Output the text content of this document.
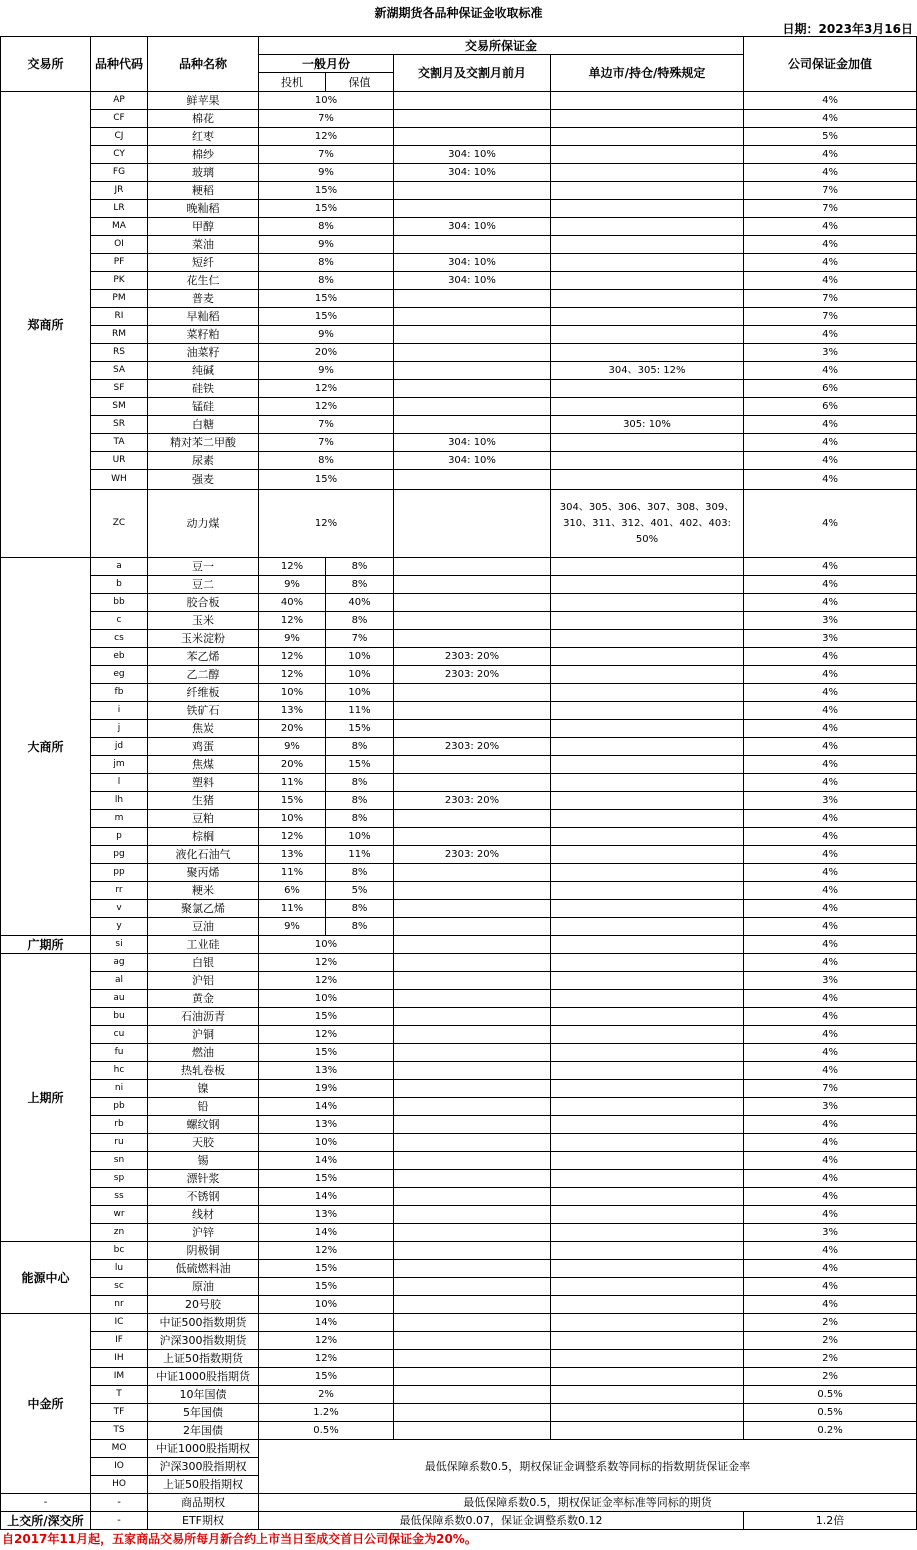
新湖期货各品种保证金收取标准
日期：2023年3月16日
交易所	品种代码	品种名称	交易所保证金				公司保证金加值
			一般月份		交割月及交割月前月	单边市/持仓/特殊规定	
			投机	保值			
郑商所	AP	鲜苹果	10%				4%
	CF	棉花	7%				4%
	CJ	红枣	12%				5%
	CY	棉纱	7%		304: 10%		4%
	FG	玻璃	9%		304: 10%		4%
	JR	粳稻	15%				7%
	LR	晚籼稻	15%				7%
	MA	甲醇	8%		304: 10%		4%
	OI	菜油	9%				4%
	PF	短纤	8%		304: 10%		4%
	PK	花生仁	8%		304: 10%		4%
	PM	普麦	15%				7%
	RI	早籼稻	15%				7%
	RM	菜籽粕	9%				4%
	RS	油菜籽	20%				3%
	SA	纯碱	9%			304、305: 12%	4%
	SF	硅铁	12%				6%
	SM	锰硅	12%				6%
	SR	白糖	7%			305: 10%	4%
	TA	精对苯二甲酸	7%		304: 10%		4%
	UR	尿素	8%		304: 10%		4%
	WH	强麦	15%				4%
	ZC	动力煤	12%			304、305、306、307、308、309、310、311、312、401、402、403: 50%	4%
大商所	a	豆一	12%	8%			4%
	b	豆二	9%	8%			4%
	bb	胶合板	40%	40%			4%
	c	玉米	12%	8%			3%
	cs	玉米淀粉	9%	7%			3%
	eb	苯乙烯	12%	10%	2303: 20%		4%
	eg	乙二醇	12%	10%	2303: 20%		4%
	fb	纤维板	10%	10%			4%
	i	铁矿石	13%	11%			4%
	j	焦炭	20%	15%			4%
	jd	鸡蛋	9%	8%	2303: 20%		4%
	jm	焦煤	20%	15%			4%
	l	塑料	11%	8%			4%
	lh	生猪	15%	8%	2303: 20%		3%
	m	豆粕	10%	8%			4%
	p	棕榈	12%	10%			4%
	pg	液化石油气	13%	11%	2303: 20%		4%
	pp	聚丙烯	11%	8%			4%
	rr	粳米	6%	5%			4%
	v	聚氯乙烯	11%	8%			4%
	y	豆油	9%	8%			4%
广期所	si	工业硅	10%				4%
上期所	ag	白银	12%				4%
	al	沪铝	12%				3%
	au	黄金	10%				4%
	bu	石油沥青	15%				4%
	cu	沪铜	12%				4%
	fu	燃油	15%				4%
	hc	热轧卷板	13%				4%
	ni	镍	19%				7%
	pb	铅	14%				3%
	rb	螺纹钢	13%				4%
	ru	天胶	10%				4%
	sn	锡	14%				4%
	sp	漂针浆	15%				4%
	ss	不锈钢	14%				4%
	wr	线材	13%				4%
	zn	沪锌	14%				3%
能源中心	bc	阴极铜	12%				4%
	lu	低硫燃料油	15%				4%
	sc	原油	15%				4%
	nr	20号胶	10%				4%
中金所	IC	中证500指数期货	14%				2%
	IF	沪深300指数期货	12%				2%
	IH	上证50指数期货	12%				2%
	IM	中证1000股指期货	15%				2%
	T	10年国债	2%				0.5%
	TF	5年国债	1.2%				0.5%
	TS	2年国债	0.5%				0.2%
	MO	中证1000股指期权	最低保障系数0.5，期权保证金调整系数等同标的指数期货保证金率				
	IO	沪深300股指期权					
	HO	上证50股指期权					
-	-	商品期权	最低保障系数0.5，期权保证金率标准等同标的期货				
上交所/深交所	-	ETF期权	最低保障系数0.07，保证金调整系数0.12				1.2倍
自2017年11月起，五家商品交易所每月新合约上市当日至成交首日公司保证金为20%。
